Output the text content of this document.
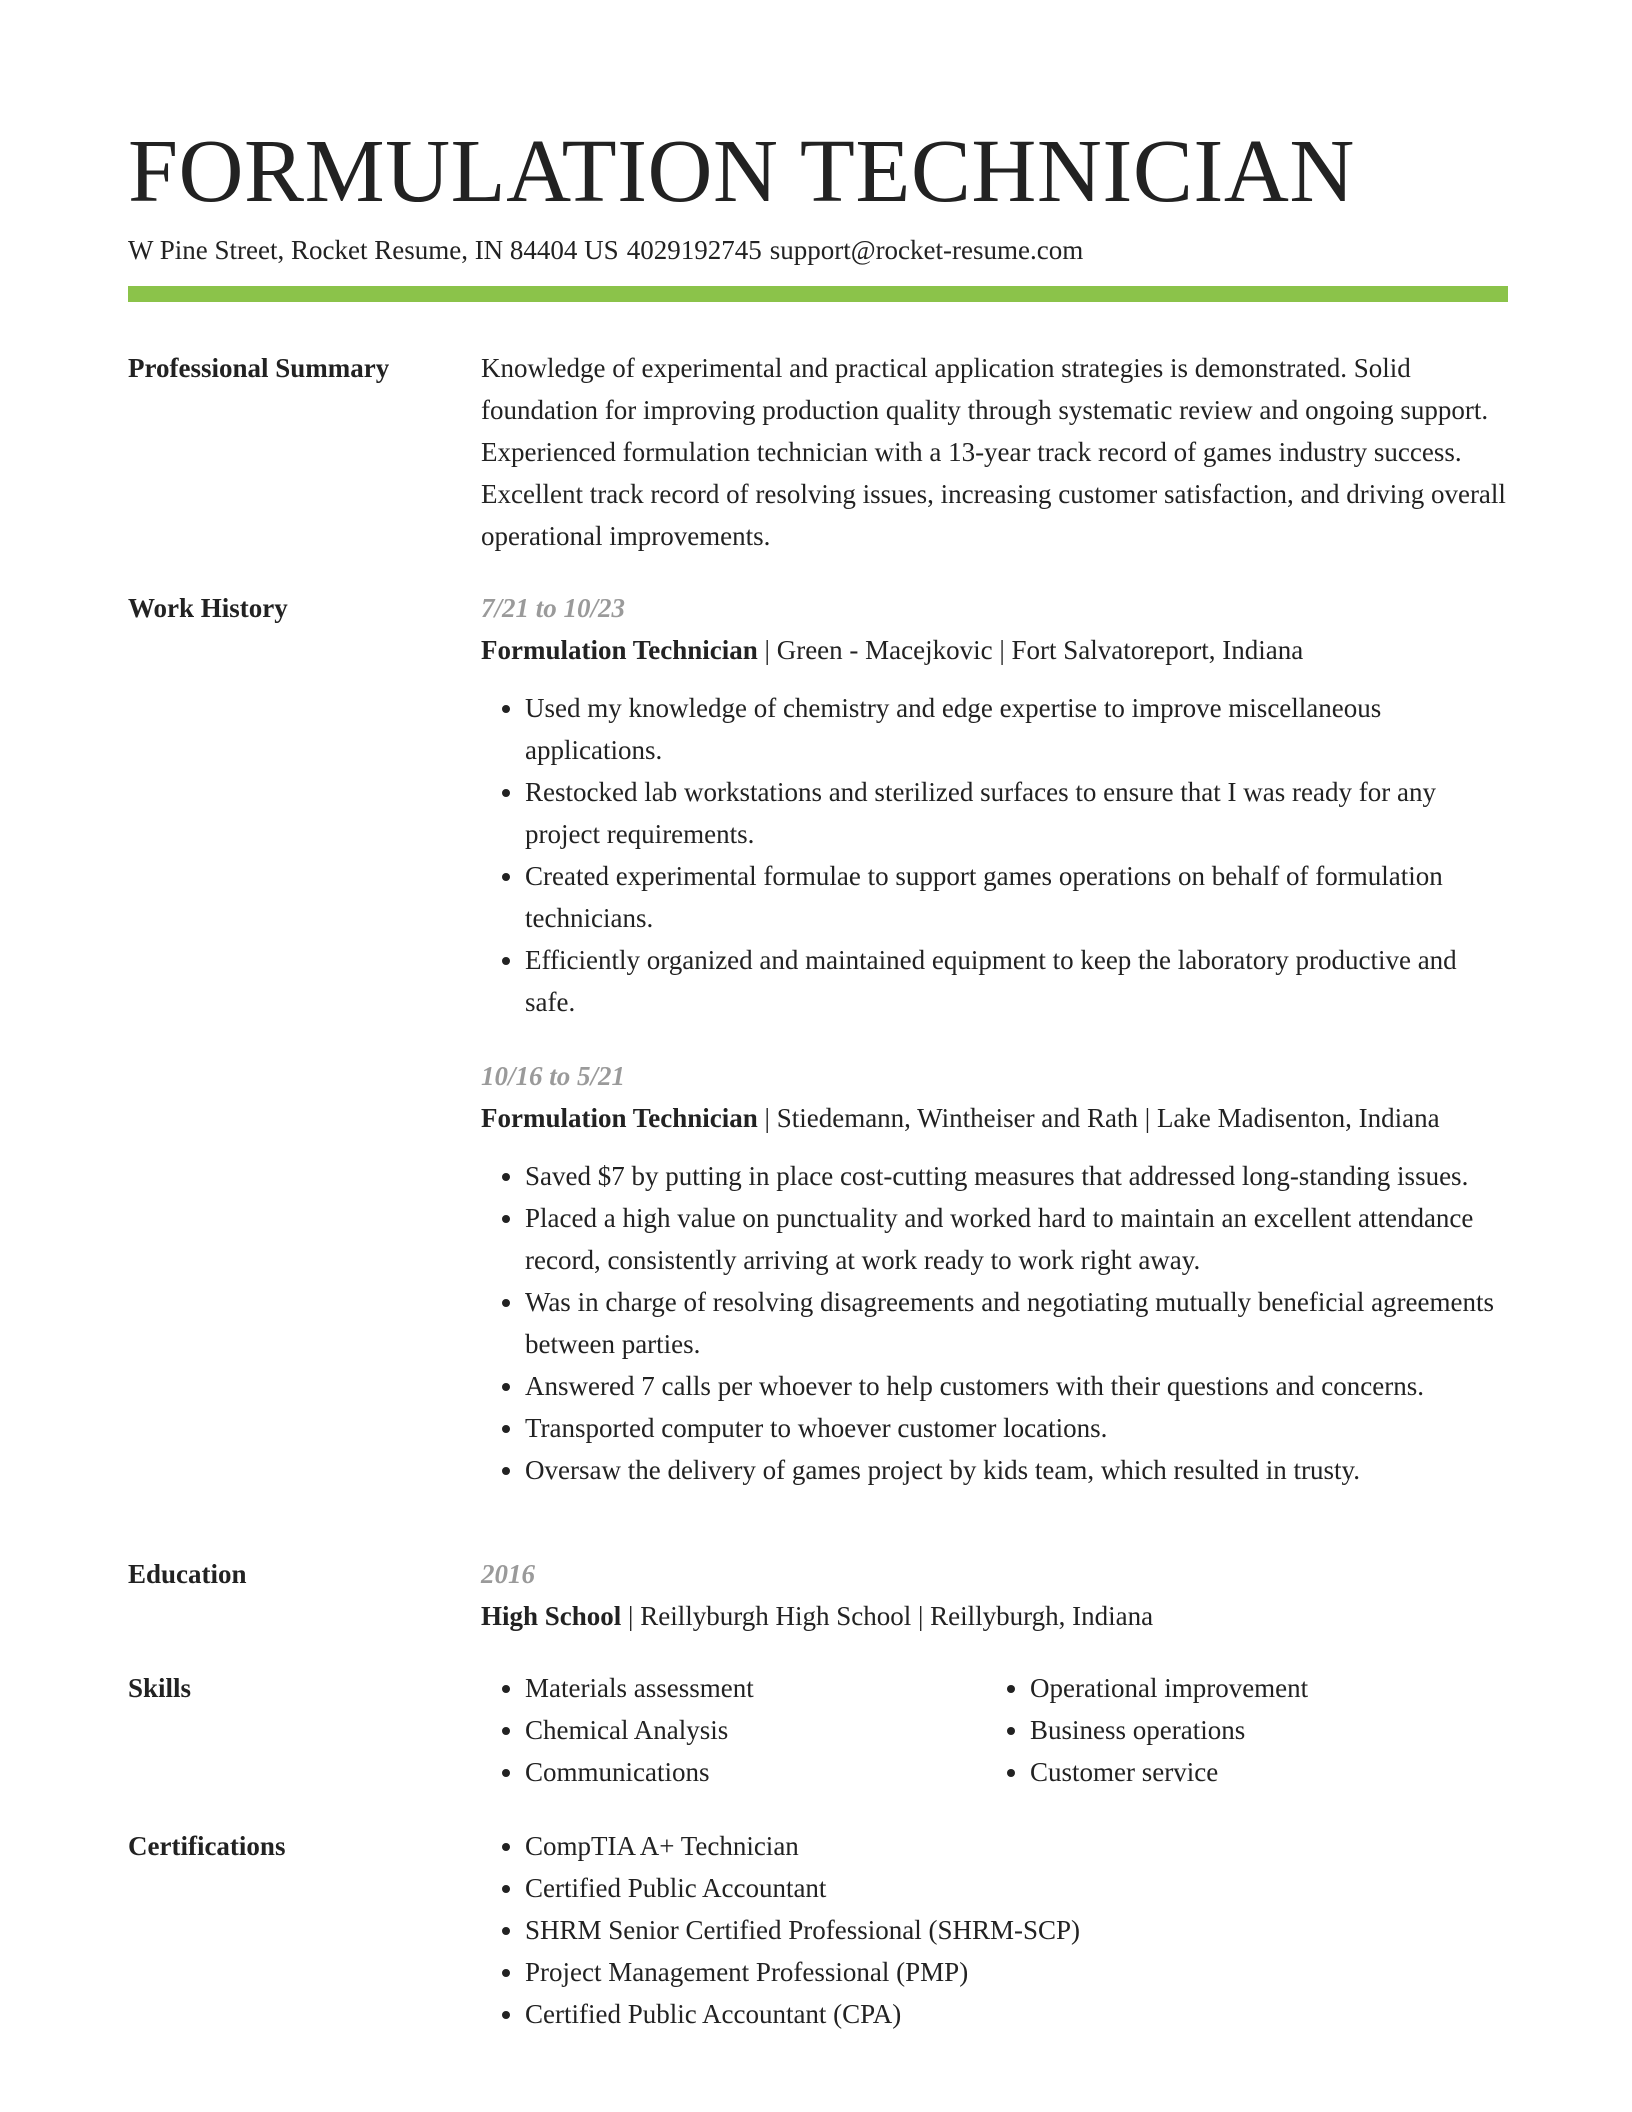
FORMULATION TECHNICIAN
W Pine Street, Rocket Resume, IN 84404 US 4029192745 support@rocket-resume.com
Professional Summary	Knowledge of experimental and practical application strategies is demonstrated. Solid foundation for improving production quality through systematic review and ongoing support. Experienced formulation technician with a 13-year track record of games industry success. Excellent track record of resolving issues, increasing customer satisfaction, and driving overall operational improvements.

Work History	7/21 to 10/23
Formulation Technician | Green - Macejkovic | Fort Salvatoreport, Indiana
• Used my knowledge of chemistry and edge expertise to improve miscellaneous applications.
• Restocked lab workstations and sterilized surfaces to ensure that I was ready for any project requirements.
• Created experimental formulae to support games operations on behalf of formulation technicians.
• Efficiently organized and maintained equipment to keep the laboratory productive and safe.
10/16 to 5/21
Formulation Technician | Stiedemann, Wintheiser and Rath | Lake Madisenton, Indiana
• Saved $7 by putting in place cost-cutting measures that addressed long-standing issues.
• Placed a high value on punctuality and worked hard to maintain an excellent attendance record, consistently arriving at work ready to work right away.
• Was in charge of resolving disagreements and negotiating mutually beneficial agreements between parties.
• Answered 7 calls per whoever to help customers with their questions and concerns.
• Transported computer to whoever customer locations.
• Oversaw the delivery of games project by kids team, which resulted in trusty.
Education	2016
High School | Reillyburgh High School | Reillyburgh, Indiana
Skills	• Materials assessment
• Chemical Analysis
• Communications
• Operational improvement
• Business operations
• Customer service
Certifications	• CompTIA A+ Technician
• Certified Public Accountant
• SHRM Senior Certified Professional (SHRM-SCP)
• Project Management Professional (PMP)
• Certified Public Accountant (CPA)
